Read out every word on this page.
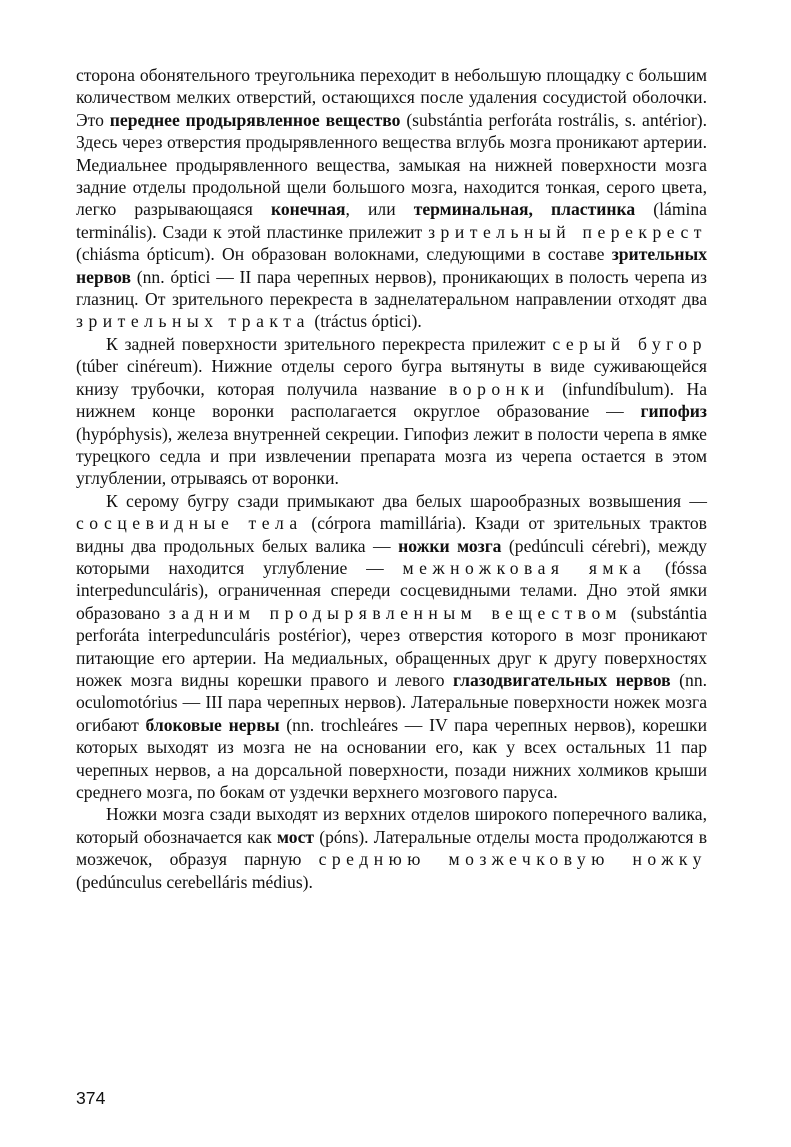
сторона обонятельного треугольника переходит в небольшую площадку с большим количеством мелких отверстий, остающихся после удаления сосудистой оболочки. Это переднее продырявленное вещество (substántia perforáta rostrális, s. antérior). Здесь через отверстия продырявленного вещества вглубь мозга проникают артерии. Медиальнее продырявленного вещества, замыкая на нижней поверхности мозга задние отделы продольной щели большого мозга, находится тонкая, серого цвета, легко разрывающаяся конечная, или терминальная, пластинка (lámina terminális). Сзади к этой пластинке прилежит зрительный перекрест (chiásma ópticum). Он образован волокнами, следующими в составе зрительных нервов (nn. óptici — II пара черепных нервов), проникающих в полость черепа из глазниц. От зрительного перекреста в заднелатеральном направлении отходят два зрительных тракта (tráctus óptici).

К задней поверхности зрительного перекреста прилежит серый бугор (túber cinéreum). Нижние отделы серого бугра вытянуты в виде суживающейся книзу трубочки, которая получила название воронки (infundíbulum). На нижнем конце воронки располагается округлое образование — гипофиз (hypóphysis), железа внутренней секреции. Гипофиз лежит в полости черепа в ямке турецкого седла и при извлечении препарата мозга из черепа остается в этом углублении, отрываясь от воронки.

К серому бугру сзади примыкают два белых шарообразных возвышения — сосцевидные тела (córpora mamillária). Кзади от зрительных трактов видны два продольных белых валика — ножки мозга (pedúnculi cérebri), между которыми находится углубление — межножковая ямка (fóssa interpedunculáris), ограниченная спереди сосцевидными телами. Дно этой ямки образовано задним продырявленным веществом (substántia perforáta interpedunculáris postérior), через отверстия которого в мозг проникают питающие его артерии. На медиальных, обращенных друг к другу поверхностях ножек мозга видны корешки правого и левого глазодвигательных нервов (nn. oculomotórius — III пара черепных нервов). Латеральные поверхности ножек мозга огибают блоковые нервы (nn. trochleáres — IV пара черепных нервов), корешки которых выходят из мозга не на основании его, как у всех остальных 11 пар черепных нервов, а на дорсальной поверхности, позади нижних холмиков крыши среднего мозга, по бокам от уздечки верхнего мозгового паруса.

Ножки мозга сзади выходят из верхних отделов широкого поперечного валика, который обозначается как мост (póns). Латеральные отделы моста продолжаются в мозжечок, образуя парную среднюю мозжечковую ножку (pedúnculus cerebelláris médius).

374
